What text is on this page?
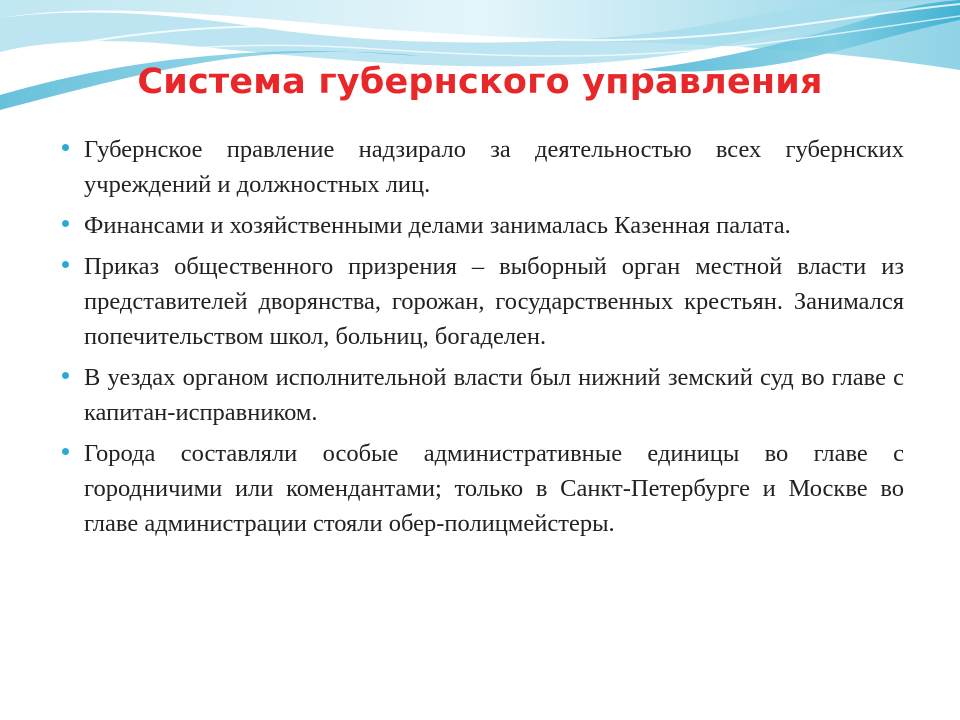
Система губернского управления
Губернское правление надзирало за деятельностью всех губернских учреждений и должностных лиц.
Финансами и хозяйственными делами занималась Казенная палата.
Приказ общественного призрения – выборный орган местной власти из представителей дворянства, горожан, государственных крестьян. Занимался попечительством школ, больниц, богаделен.
В уездах органом исполнительной власти был нижний земский суд во главе с капитан-исправником.
Города составляли особые административные единицы во главе с городничими или комендантами; только в Санкт-Петербурге и Москве во главе администрации стояли обер-полицмейстеры.
